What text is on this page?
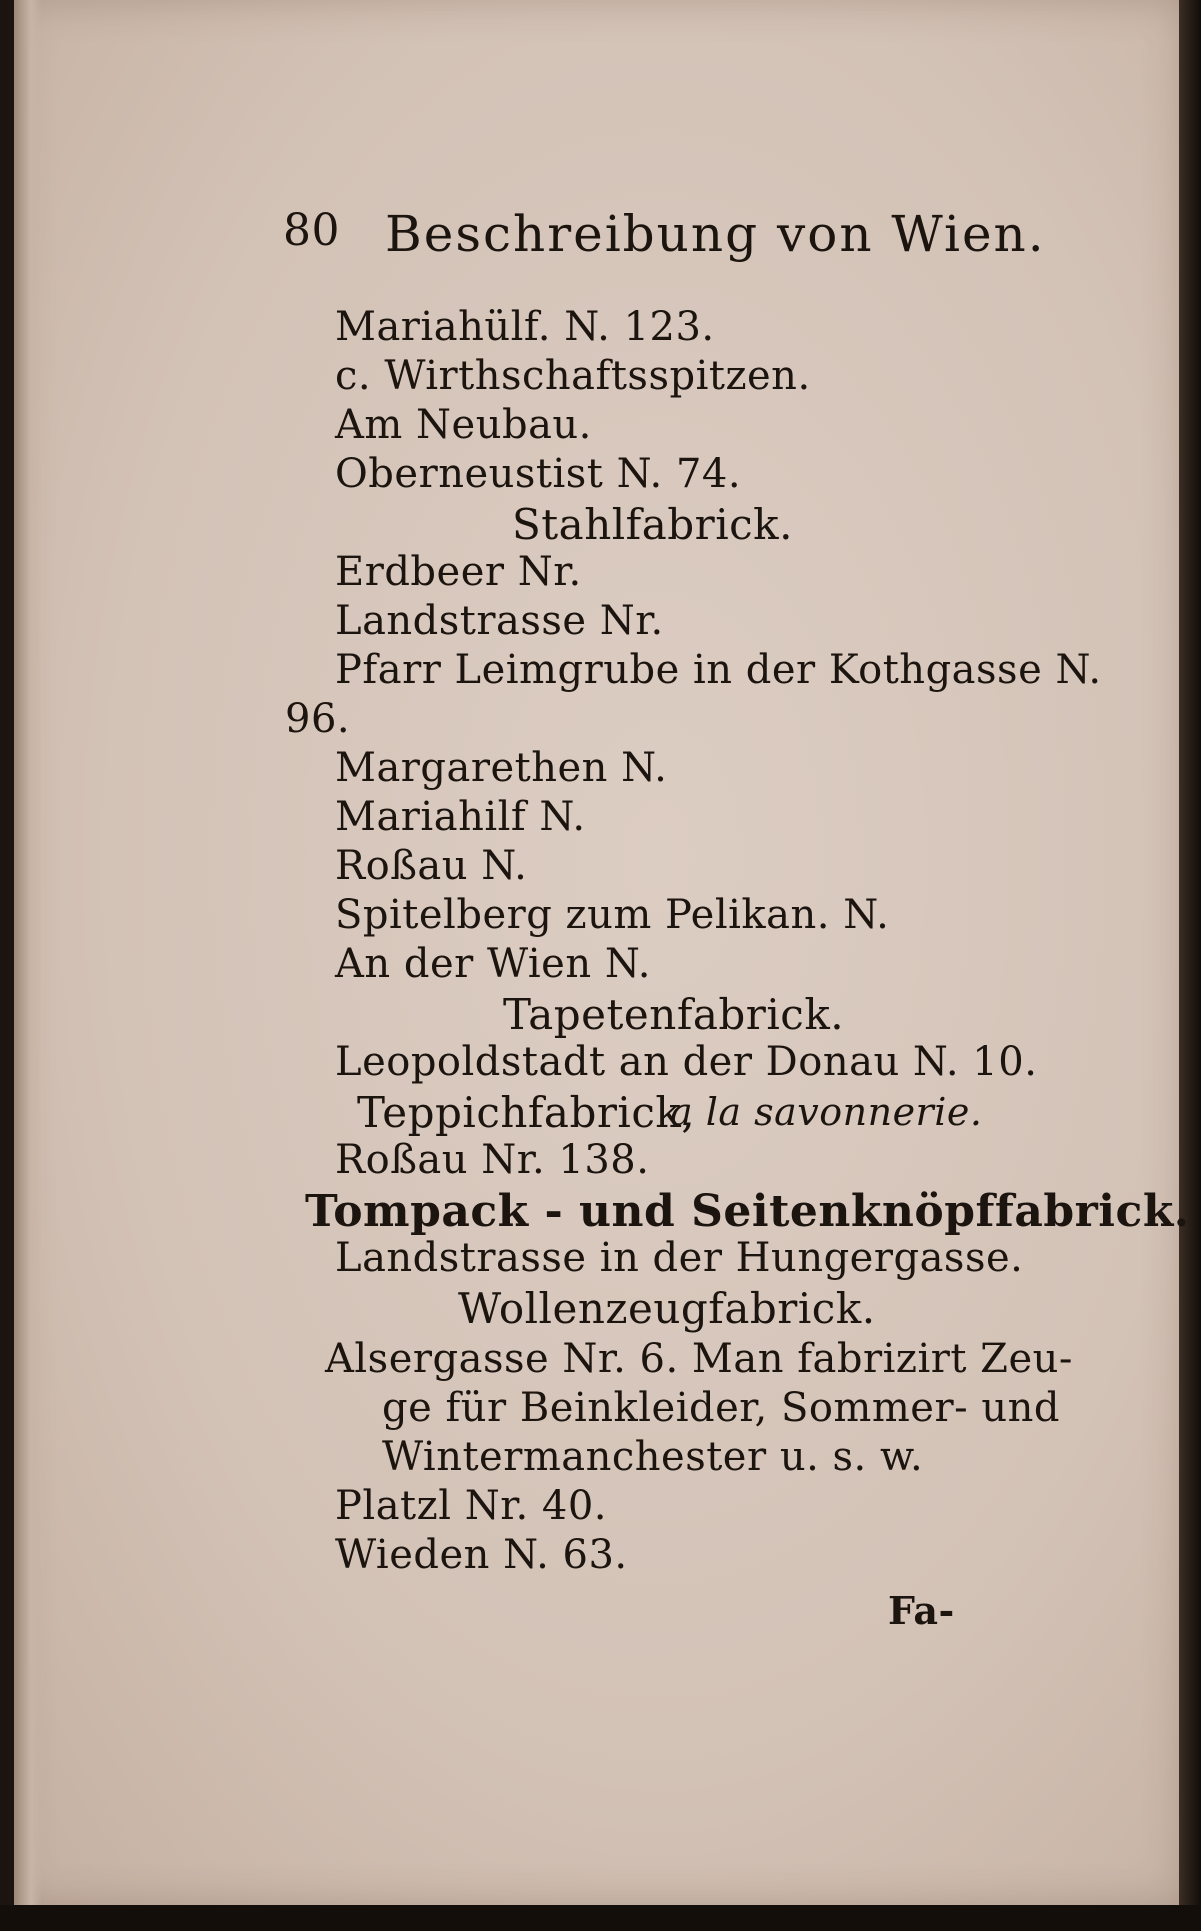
80 Beschreibung von Wien.

Mariahülf. N. 123.

c. Wirthschaftsspitzen.

Am Neubau.

Oberneustist N. 74.

Stahlfabrick.

Erdbeer Nr.

Landstrasse Nr.

Pfarr Leimgrube in der Kothgasse N.

96.

Margarethen N.

Mariahilf N.

Roßau N.

Spitelberg zum Pelikan. N.

An der Wien N.

Tapetenfabrick.

Leopoldstadt an der Donau N. 10.

Teppichfabrick,

a la savonnerie.

Roßau Nr. 138.

Tompack - und Seitenknöpffabrick.

Landstrasse in der Hungergasse.

Wollenzeugfabrick.

Alsergasse Nr. 6. Man fabrizirt Zeu-

ge für Beinkleider, Sommer- und

Wintermanchester u. s. w.

Platzl Nr. 40.

Wieden N. 63.

Fa-
